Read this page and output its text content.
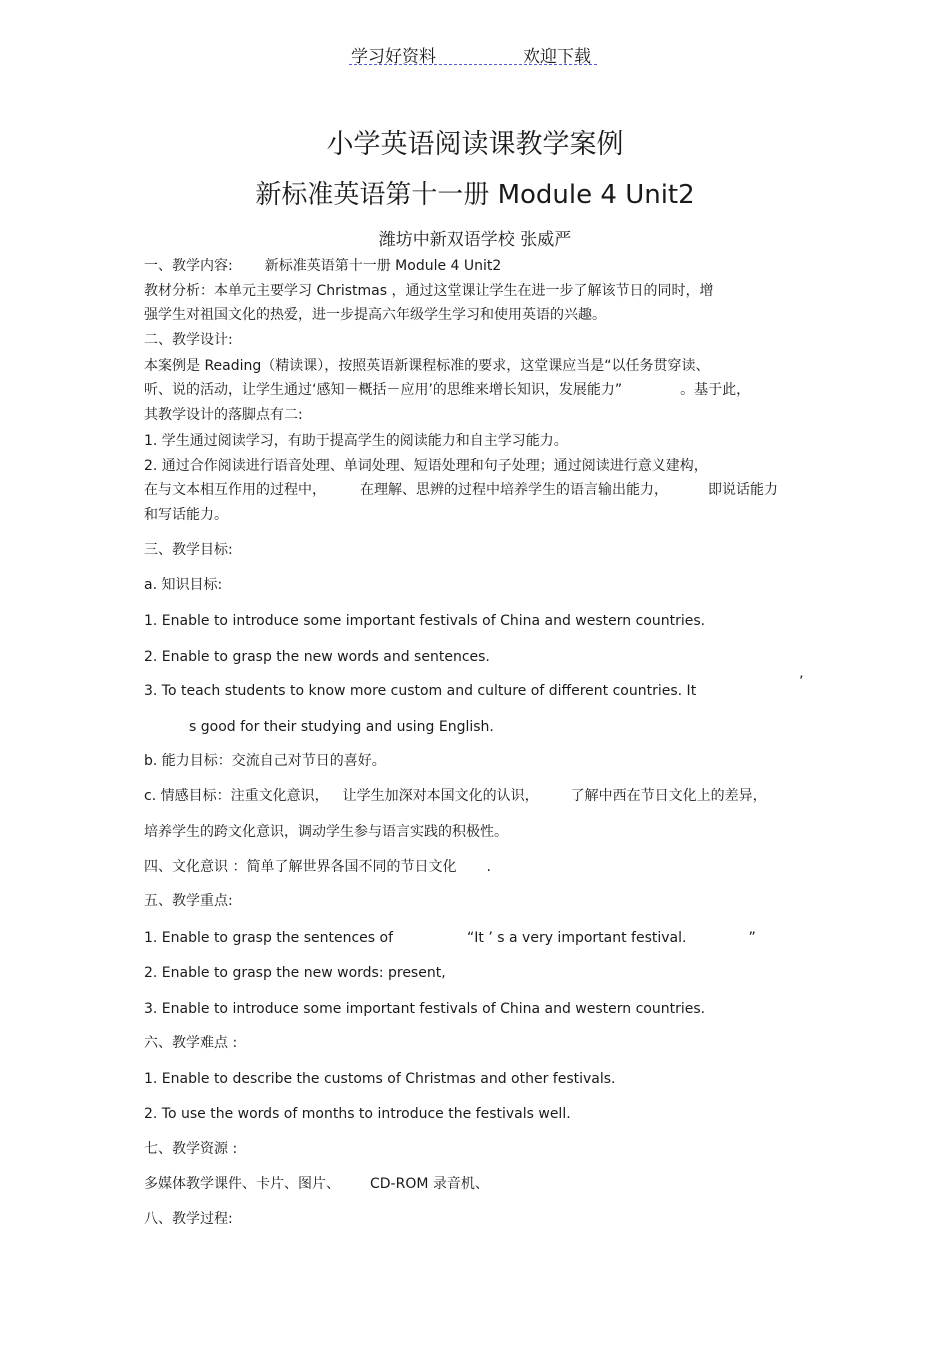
学习好资料	欢迎下载
小学英语阅读课教学案例
新标准英语第十一册 Module 4 Unit2
潍坊中新双语学校 张威严
一、教学内容: 新标准英语第十一册 Module 4 Unit2
教材分析：本单元主要学习 Christmas ，通过这堂课让学生在进一步了解该节日的同时，增
强学生对祖国文化的热爱，进一步提高六年级学生学习和使用英语的兴趣。
二、教学设计:
本案例是 Reading（精读课），按照英语新课程标准的要求，这堂课应当是“以任务贯穿读、
听、说的活动，让学生通过‘感知－概括－应用’的思维来增长知识，发展能力”	。基于此，
其教学设计的落脚点有二:
1. 学生通过阅读学习，有助于提高学生的阅读能力和自主学习能力。
2. 通过合作阅读进行语音处理、单词处理、短语处理和句子处理；通过阅读进行意义建构，
在与文本相互作用的过程中， 在理解、思辨的过程中培养学生的语言输出能力，	即说话能力
和写话能力。
三、教学目标:
a. 知识目标:
1. Enable to introduce some important festivals of China and western countries.
2. Enable to grasp the new words and sentences.
3. To teach students to know more custom and culture of different countries. It
’
s good for their studying and using English.
b. 能力目标：交流自己对节日的喜好。
c. 情感目标：注重文化意识， 让学生加深对本国文化的认识， 了解中西在节日文化上的差异，
培养学生的跨文化意识，调动学生参与语言实践的积极性。
四、文化意识 ：简单了解世界各国不同的节日文化 .
五、教学重点:
1. Enable to grasp the sentences of	“It ’ s a very important festival.	”
2. Enable to grasp the new words: present,
3. Enable to introduce some important festivals of China and western countries.
六、教学难点 :
1. Enable to describe the customs of Christmas and other festivals.
2. To use the words of months to introduce the festivals well.
七、教学资源 :
多媒体教学课件、卡片、图片、 CD-ROM 录音机、
八、教学过程:
